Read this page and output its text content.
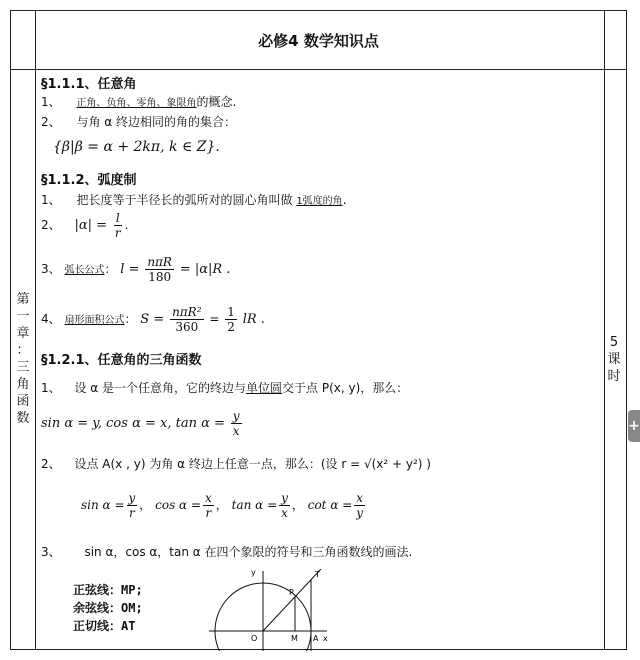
必修4 数学知识点
第
一
章
：
三
角
函
数
5
课
时
§1.1.1、任意角
1、 正角、负角、零角、象限角的概念.
2、 与角 α 终边相同的角的集合：
{β|β = α + 2kπ, k ∈ Z}.
§1.1.2、弧度制
1、 把长度等于半径长的弧所对的圆心角叫做 1弧度的角.
2、 $|\alpha| = \frac{l}{r}$ .
3、 弧长公式： $l = \frac{\text{nπR}}{180} = |\alpha|R$ .
4、 扇形面积公式： $S = \frac{\text{nπR²}}{360} = \frac{1}{2}$ lR .
§1.2.1、任意角的三角函数
1、 设 α 是一个任意角，它的终边与单位圆交于点 P(x, y)，那么：
sin α = y, cos α = x, $\tan \alpha = \frac{y}{x}$
2、 设点 A(x , y) 为角 α 终边上任意一点，那么：(设 r = √(x² + y²) )
$\sin \alpha = \frac{y}{r}$ ， $\cos \alpha = \frac{x}{r}$ ， $\tan \alpha = \frac{y}{x}$ ， $\cot \alpha = \frac{x}{y}$
3、 sin α，cos α，tan α 在四个象限的符号和三角函数线的画法.
正弦线：MP;
余弦线：OM;
正切线：AT
y
x
O	M A
P
T
+
